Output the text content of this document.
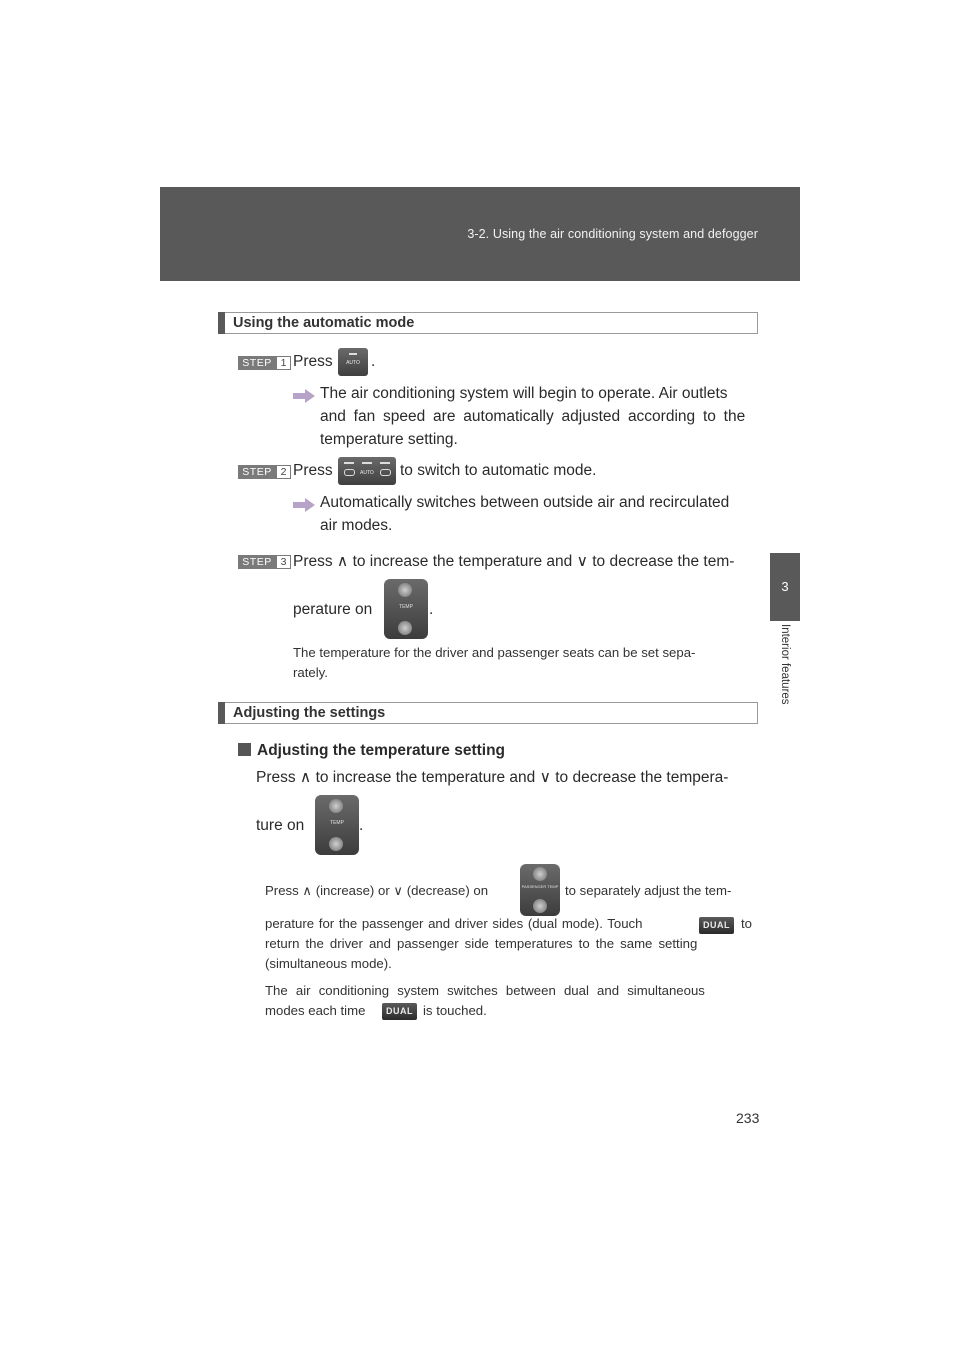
3-2. Using the air conditioning system and defogger
3
Interior features
Using the automatic mode
STEP 1 Press	AUTO .
The air conditioning system will begin to operate. Air outlets
and fan speed are automatically adjusted according to the
temperature setting.
STEP 2 Press	AUTO to switch to automatic mode.
Automatically switches between outside air and recirculated
air modes.
STEP 3 Press ∧ to increase the temperature and ∨ to decrease the tem-
perature on	TEMP	.
The temperature for the driver and passenger seats can be set sepa-
rately.
Adjusting the settings
Adjusting the temperature setting
Press ∧ to increase the temperature and ∨ to decrease the tempera-
ture on	TEMP .
Press ∧ (increase) or ∨ (decrease) on	PASSENGER TEMP to separately adjust the tem-
perature for the passenger and driver sides (dual mode). Touch	DUAL to
return the driver and passenger side temperatures to the same setting
(simultaneous mode).
The air conditioning system switches between dual and simultaneous
modes each time	DUAL is touched.
233
